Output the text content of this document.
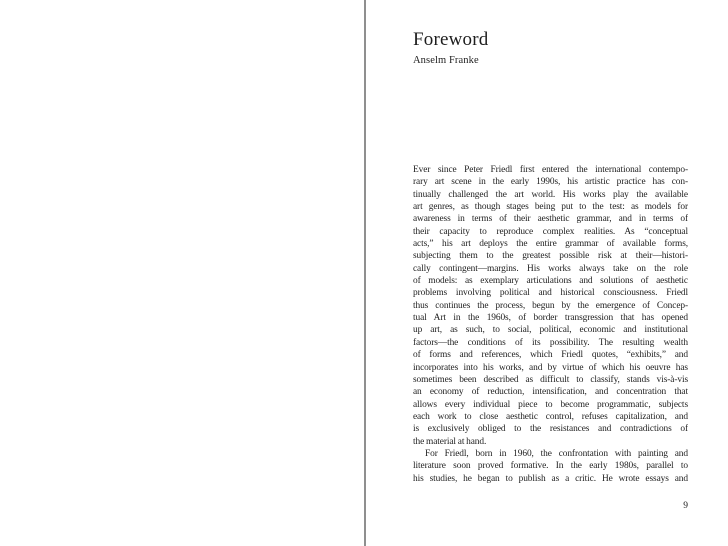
Foreword
Anselm Franke
Ever since Peter Friedl first entered the international contempo-
rary art scene in the early 1990s, his artistic practice has con-
tinually challenged the art world. His works play the available
art genres, as though stages being put to the test: as models for
awareness in terms of their aesthetic grammar, and in terms of
their capacity to reproduce complex realities. As “conceptual
acts,” his art deploys the entire grammar of available forms,
subjecting them to the greatest possible risk at their—histori-
cally contingent—margins. His works always take on the role
of models: as exemplary articulations and solutions of aesthetic
problems involving political and historical consciousness. Friedl
thus continues the process, begun by the emergence of Concep-
tual Art in the 1960s, of border transgression that has opened
up art, as such, to social, political, economic and institutional
factors—the conditions of its possibility. The resulting wealth
of forms and references, which Friedl quotes, “exhibits,” and
incorporates into his works, and by virtue of which his oeuvre has
sometimes been described as difficult to classify, stands vis-à-vis
an economy of reduction, intensification, and concentration that
allows every individual piece to become programmatic, subjects
each work to close aesthetic control, refuses capitalization, and
is exclusively obliged to the resistances and contradictions of
the material at hand.
For Friedl, born in 1960, the confrontation with painting and
literature soon proved formative. In the early 1980s, parallel to
his studies, he began to publish as a critic. He wrote essays and
9
